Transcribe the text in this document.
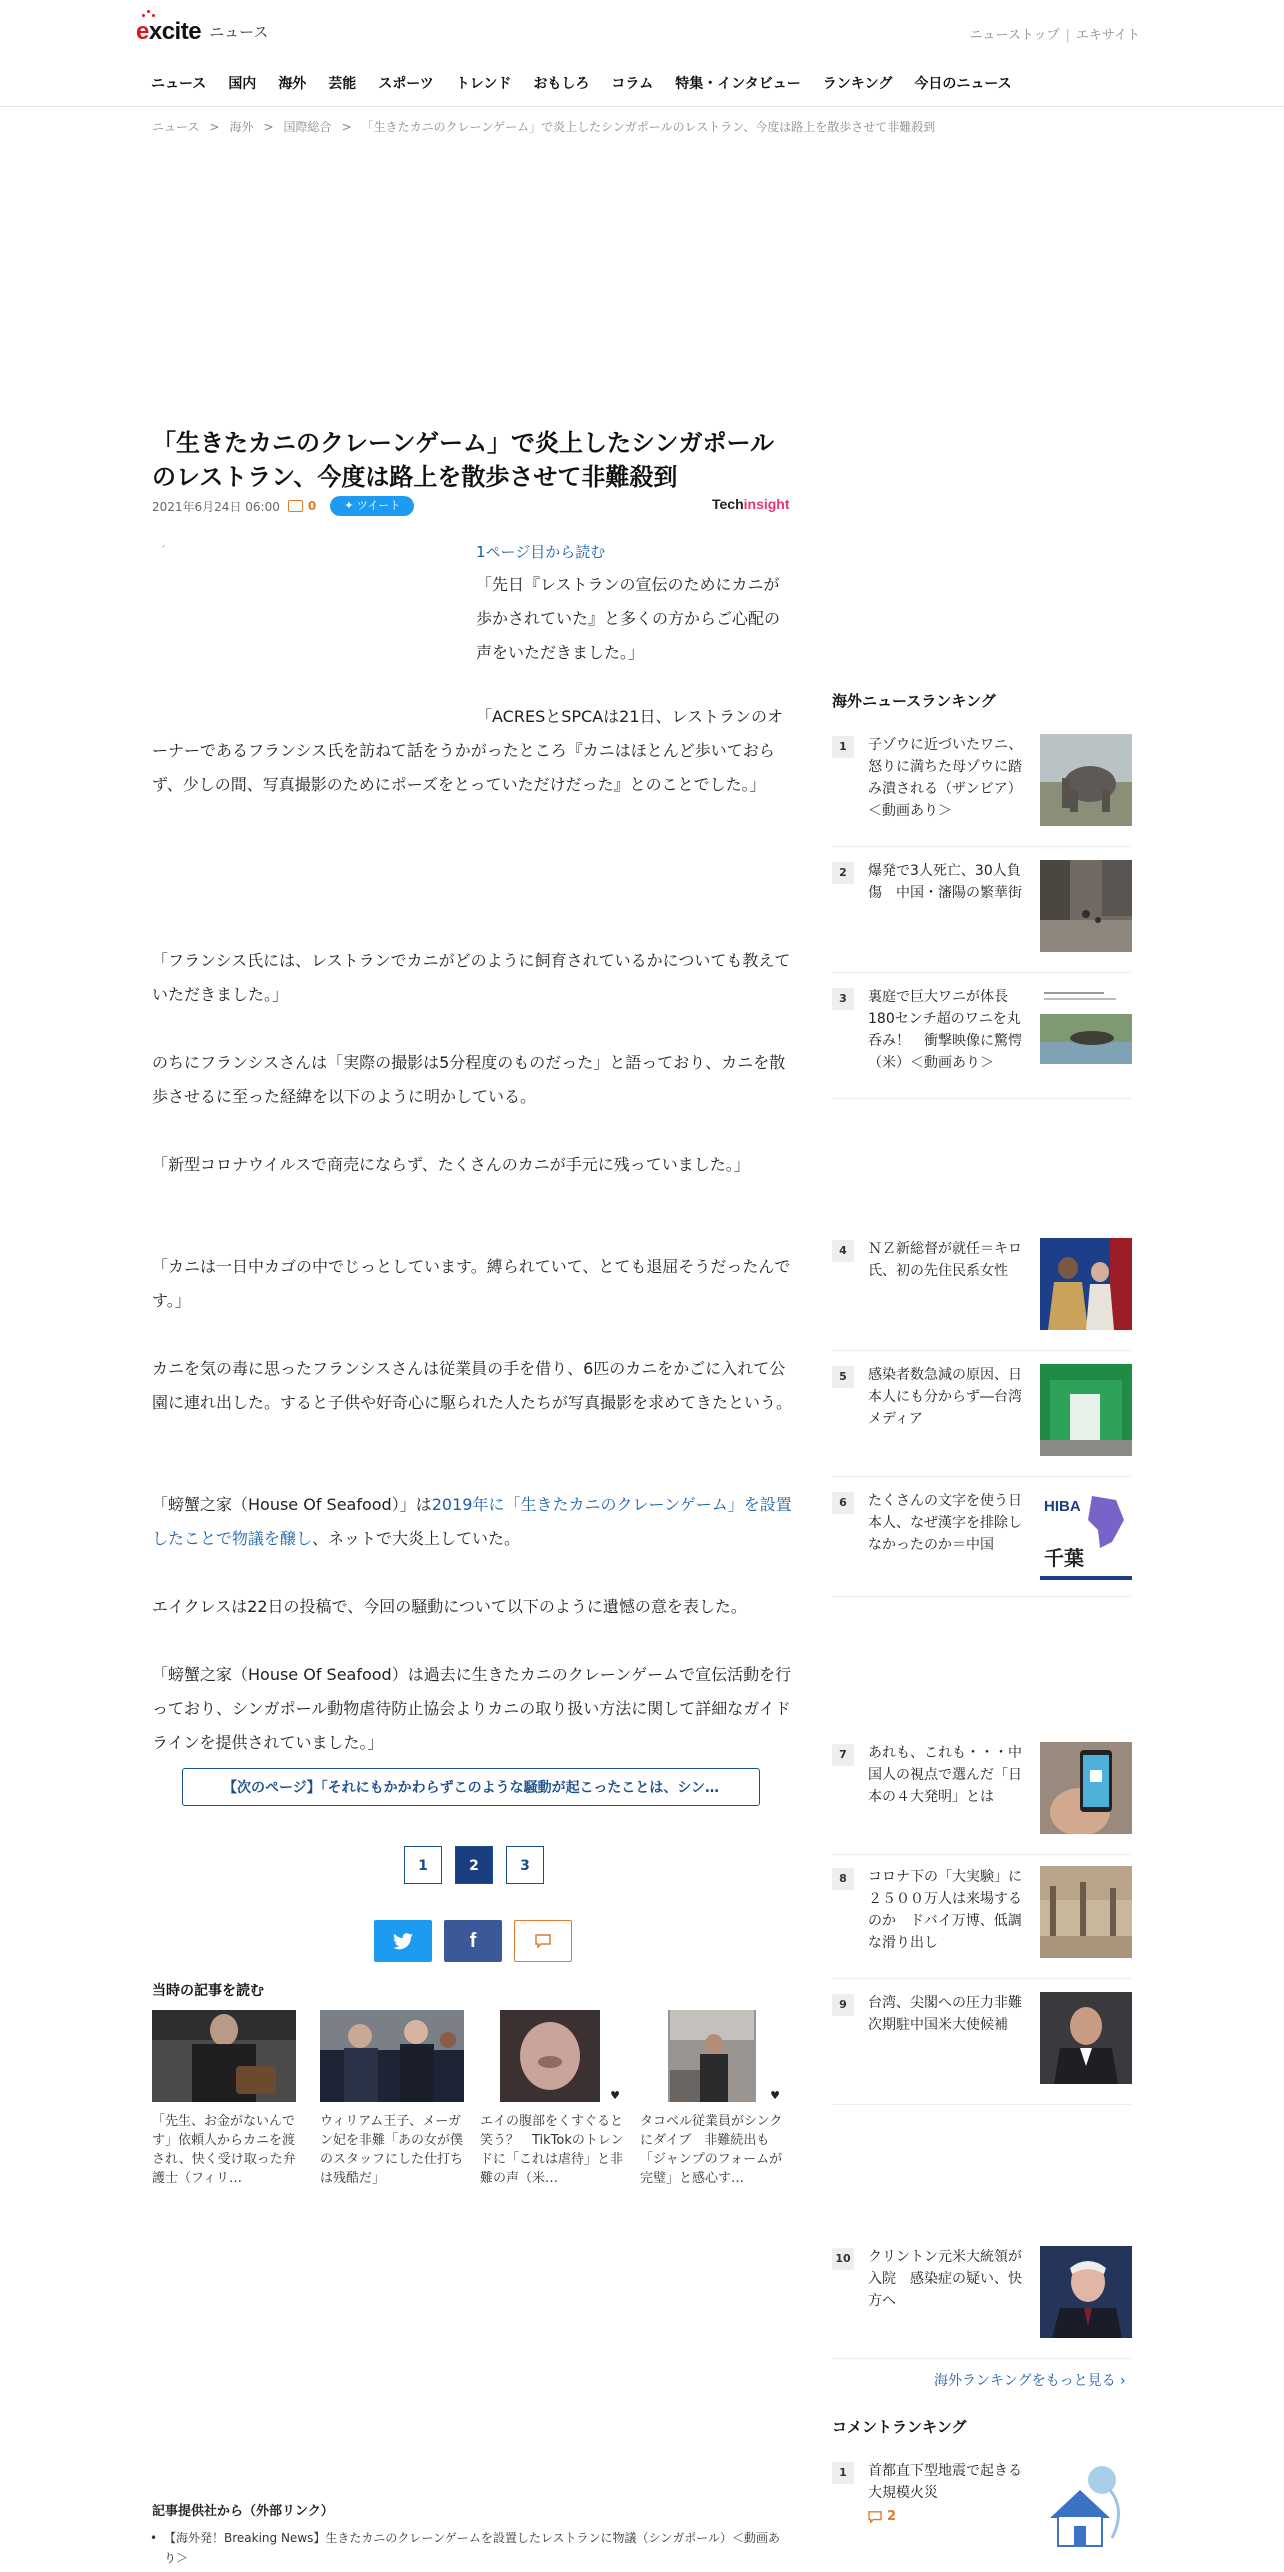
excite ニュース	ニューストップ | エキサイト
ニュース	国内	海外	芸能	スポーツ	トレンド	おもしろ	コラム	特集・インタビュー	ランキング	今日のニュース
ニュース > 海外 > 国際総合 > 「生きたカニのクレーンゲーム」で炎上したシンガポールのレストラン、今度は路上を散歩させて非難殺到
「生きたカニのクレーンゲーム」で炎上したシンガポールのレストラン、今度は路上を散歩させて非難殺到
2021年6月24日 06:00 0	✦ ツイート	Techinsight
´	1ページ目から読む
「先日『レストランの宣伝のためにカニが歩かされていた』と多くの方からご心配の声をいただきました。」
「ACRESとSPCAは21日、レストランのオーナーであるフランシス氏を訪ねて話をうかがったところ『カニはほとんど歩いておらず、少しの間、写真撮影のためにポーズをとっていただけだった』とのことでした。」
「フランシス氏には、レストランでカニがどのように飼育されているかについても教えていただきました。」
のちにフランシスさんは「実際の撮影は5分程度のものだった」と語っており、カニを散歩させるに至った経緯を以下のように明かしている。
「新型コロナウイルスで商売にならず、たくさんのカニが手元に残っていました。」
「カニは一日中カゴの中でじっとしています。縛られていて、とても退屈そうだったんです。」
カニを気の毒に思ったフランシスさんは従業員の手を借り、6匹のカニをかごに入れて公園に連れ出した。すると子供や好奇心に駆られた人たちが写真撮影を求めてきたという。
「螃蟹之家（House Of Seafood）」は2019年に「生きたカニのクレーンゲーム」を設置したことで物議を醸し、ネットで大炎上していた。
エイクレスは22日の投稿で、今回の騒動について以下のように遺憾の意を表した。
「螃蟹之家（House Of Seafood）は過去に生きたカニのクレーンゲームで宣伝活動を行っており、シンガポール動物虐待防止協会よりカニの取り扱い方法に関して詳細なガイドラインを提供されていました。」
【次のページ】「それにもかかわらずこのような騒動が起こったことは、シン…
1	2	3
f
当時の記事を読む
「先生、お金がないんです」依頼人からカニを渡され、快く受け取った弁護士（フィリ…
ウィリアム王子、メーガン妃を非難「あの女が僕のスタッフにした仕打ちは残酷だ」
♥
エイの腹部をくすぐると笑う？　TikTokのトレンドに「これは虐待」と非難の声（米…
♥
タコベル従業員がシンクにダイブ　非難続出も「ジャンプのフォームが完璧」と感心す…
記事提供社から（外部リンク）
• 【海外発！Breaking News】生きたカニのクレーンゲームを設置したレストランに物議（シンガポール）＜動画あり＞
海外ニュースランキング
1	子ゾウに近づいたワニ、怒りに満ちた母ゾウに踏み潰される（ザンビア）＜動画あり＞
2	爆発で3人死亡、30人負傷　中国・瀋陽の繁華街
3	裏庭で巨大ワニが体長180センチ超のワニを丸呑み！　衝撃映像に驚愕（米）＜動画あり＞
4	ＮＺ新総督が就任＝キロ氏、初の先住民系女性
5	感染者数急減の原因、日本人にも分からず―台湾メディア
6	たくさんの文字を使う日本人、なぜ漢字を排除しなかったのか＝中国
HIBA
千葉
7	あれも、これも・・・中国人の視点で選んだ「日本の４大発明」とは
8	コロナ下の「大実験」に２５００万人は来場するのか　ドバイ万博、低調な滑り出し
9	台湾、尖閣への圧力非難　次期駐中国米大使候補
10 クリントン元米大統領が入院　感染症の疑い、快方へ
海外ランキングをもっと見る ›
コメントランキング
1	首都直下型地震で起きる大規模火災
2
